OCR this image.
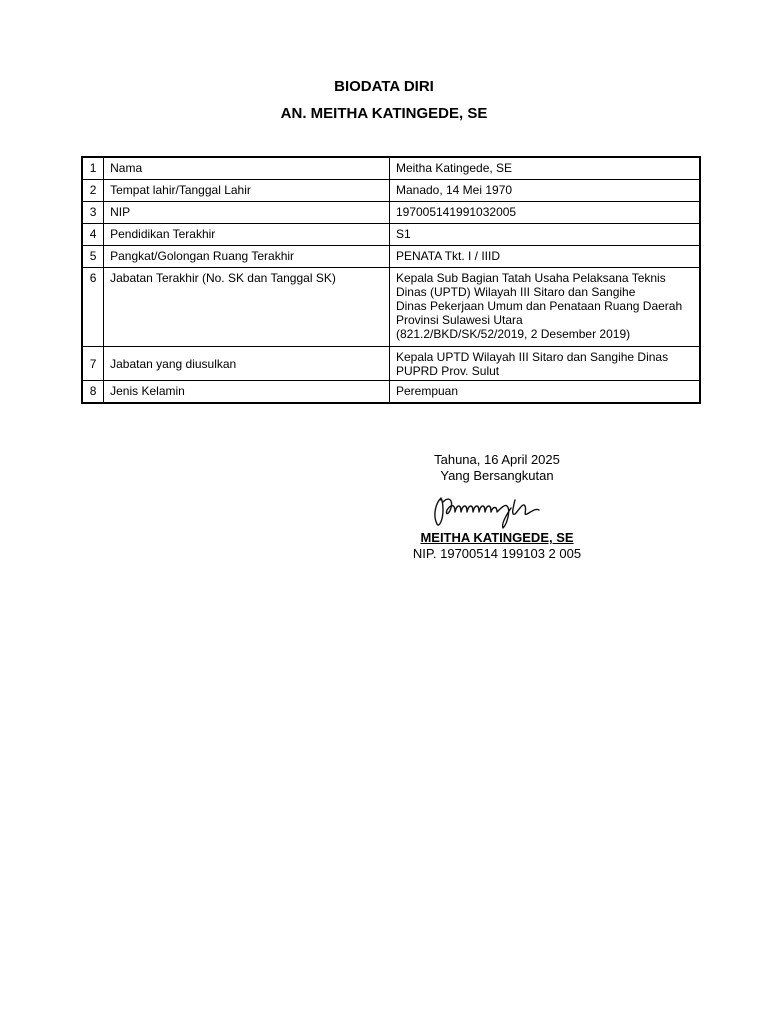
BIODATA DIRI
AN. MEITHA KATINGEDE, SE
1	Nama	Meitha Katingede, SE

2	Tempat lahir/Tanggal Lahir	Manado, 14 Mei 1970

3	NIP	197005141991032005

4	Pendidikan Terakhir	S1

5	Pangkat/Golongan Ruang Terakhir	PENATA Tkt. I / IIID

6	Jabatan Terakhir (No. SK dan Tanggal SK)	Kepala Sub Bagian Tatah Usaha Pelaksana Teknis
Dinas (UPTD) Wilayah III Sitaro dan Sangihe
Dinas Pekerjaan Umum dan Penataan Ruang Daerah
Provinsi Sulawesi Utara
(821.2/BKD/SK/52/2019, 2 Desember 2019)

7	Jabatan yang diusulkan	Kepala UPTD Wilayah III Sitaro dan Sangihe Dinas
PUPRD Prov. Sulut

8	Jenis Kelamin	Perempuan
Tahuna, 16 April 2025
Yang Bersangkutan
MEITHA KATINGEDE, SE
NIP. 19700514 199103 2 005
